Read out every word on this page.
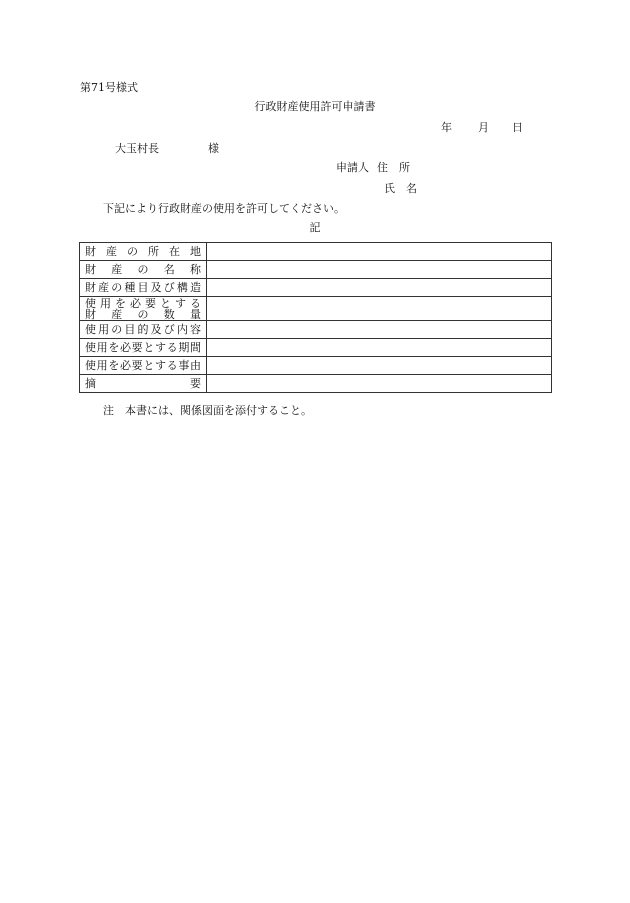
第71号様式
行政財産使用許可申請書
年 月 日
大玉村長	様
申請人 住　所
氏　名
下記により行政財産の使用を許可してください。
記
財産の所在地	

財産の名称	

財産の種目及び構造	

使用を必要とする
財産の数量	

使用の目的及び内容	

使用を必要とする期間	

使用を必要とする事由	

摘要	

注　本書には、関係図面を添付すること。
